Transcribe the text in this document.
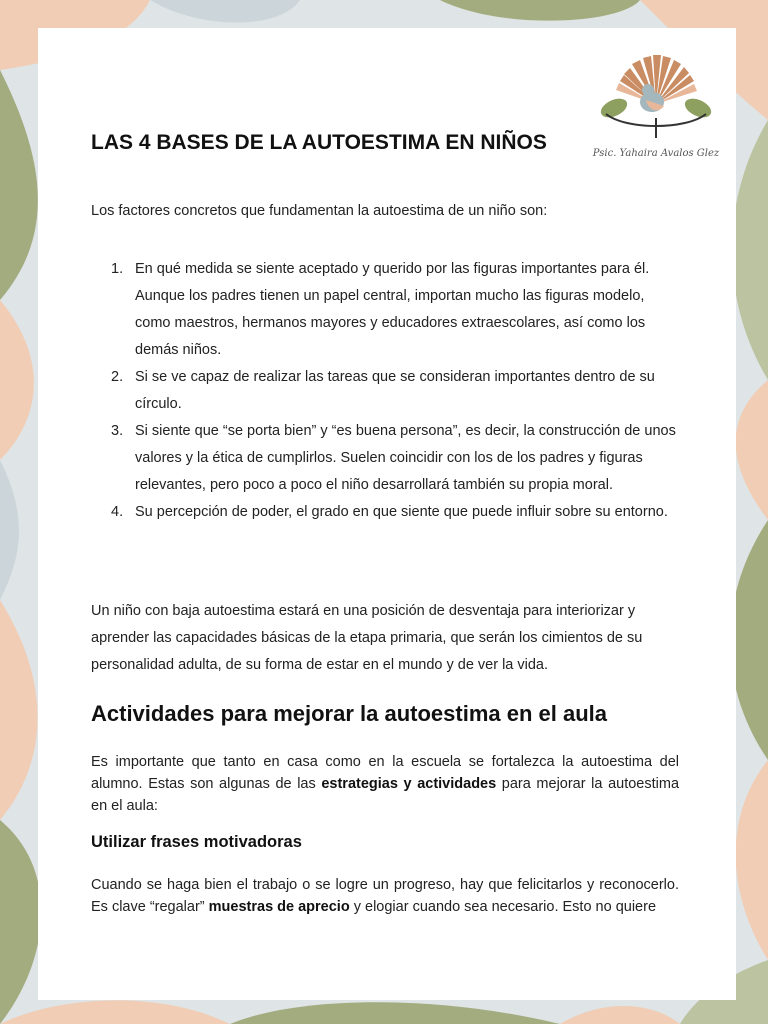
Psic. Yahaira Avalos Glez
LAS 4 BASES DE LA AUTOESTIMA EN NIÑOS

Los factores concretos que fundamentan la autoestima de un niño son:

1. En qué medida se siente aceptado y querido por las figuras importantes para él. Aunque los padres tienen un papel central, importan mucho las figuras modelo, como maestros, hermanos mayores y educadores extraescolares, así como los demás niños.
2. Si se ve capaz de realizar las tareas que se consideran importantes dentro de su círculo.
3. Si siente que “se porta bien” y “es buena persona”, es decir, la construcción de unos valores y la ética de cumplirlos. Suelen coincidir con los de los padres y figuras relevantes, pero poco a poco el niño desarrollará también su propia moral.
4. Su percepción de poder, el grado en que siente que puede influir sobre su entorno.

Un niño con baja autoestima estará en una posición de desventaja para interiorizar y aprender las capacidades básicas de la etapa primaria, que serán los cimientos de su personalidad adulta, de su forma de estar en el mundo y de ver la vida.

Actividades para mejorar la autoestima en el aula

Es importante que tanto en casa como en la escuela se fortalezca la autoestima del alumno. Estas son algunas de las estrategias y actividades para mejorar la autoestima en el aula:

Utilizar frases motivadoras

Cuando se haga bien el trabajo o se logre un progreso, hay que felicitarlos y reconocerlo. Es clave “regalar” muestras de aprecio y elogiar cuando sea necesario. Esto no quiere
